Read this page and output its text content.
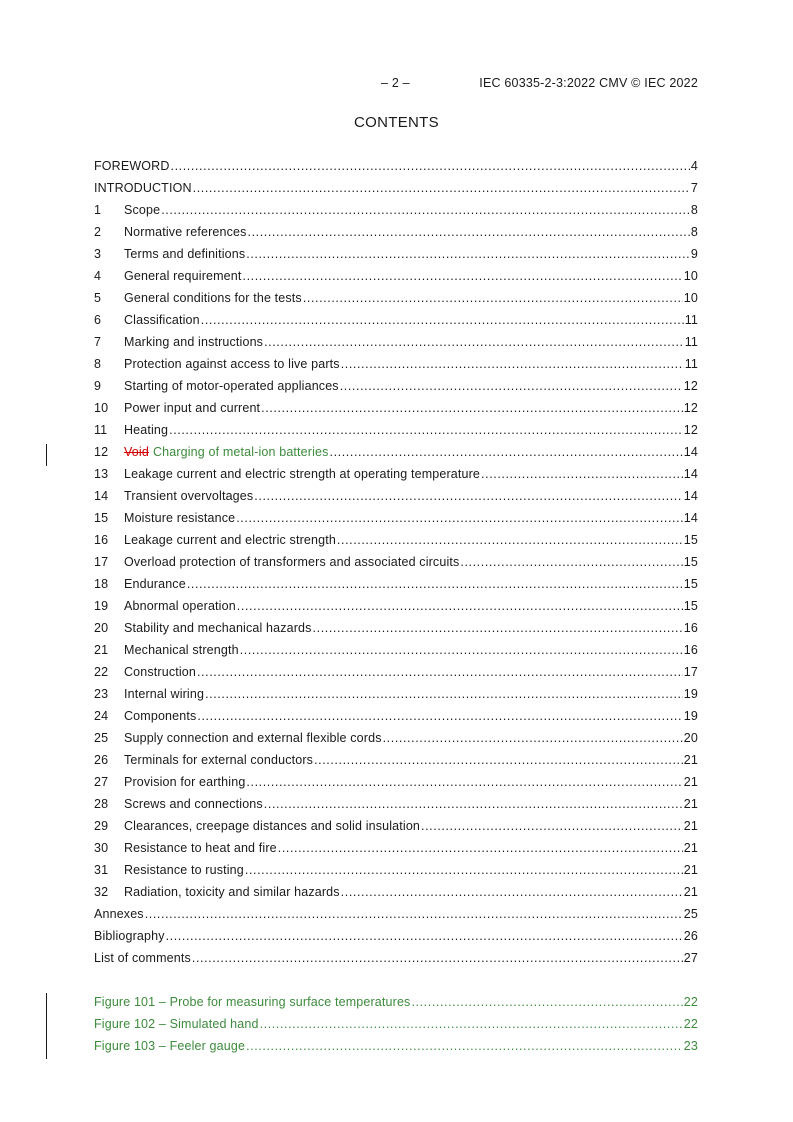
– 2 –	IEC 60335-2-3:2022 CMV © IEC 2022
CONTENTS
FOREWORD .....	4
INTRODUCTION .....	7
1	Scope .....	8
2	Normative references .....	8
3	Terms and definitions .....	9
4	General requirement .....	10
5	General conditions for the tests .....	10
6	Classification .....	11
7	Marking and instructions .....	11
8	Protection against access to live parts .....	11
9	Starting of motor-operated appliances .....	12
10	Power input and current .....	12
11	Heating .....	12
12	Void Charging of metal-ion batteries .....	14
13	Leakage current and electric strength at operating temperature .....	14
14	Transient overvoltages .....	14
15	Moisture resistance .....	14
16	Leakage current and electric strength .....	15
17	Overload protection of transformers and associated circuits .....	15
18	Endurance .....	15
19	Abnormal operation .....	15
20	Stability and mechanical hazards .....	16
21	Mechanical strength .....	16
22	Construction .....	17
23	Internal wiring .....	19
24	Components .....	19
25	Supply connection and external flexible cords .....	20
26	Terminals for external conductors .....	21
27	Provision for earthing .....	21
28	Screws and connections .....	21
29	Clearances, creepage distances and solid insulation .....	21
30	Resistance to heat and fire .....	21
31	Resistance to rusting .....	21
32	Radiation, toxicity and similar hazards .....	21
Annexes .....	25
Bibliography .....	26
List of comments .....	27
Figure 101 – Probe for measuring surface temperatures .....	22
Figure 102 – Simulated hand .....	22
Figure 103 – Feeler gauge .....	23
